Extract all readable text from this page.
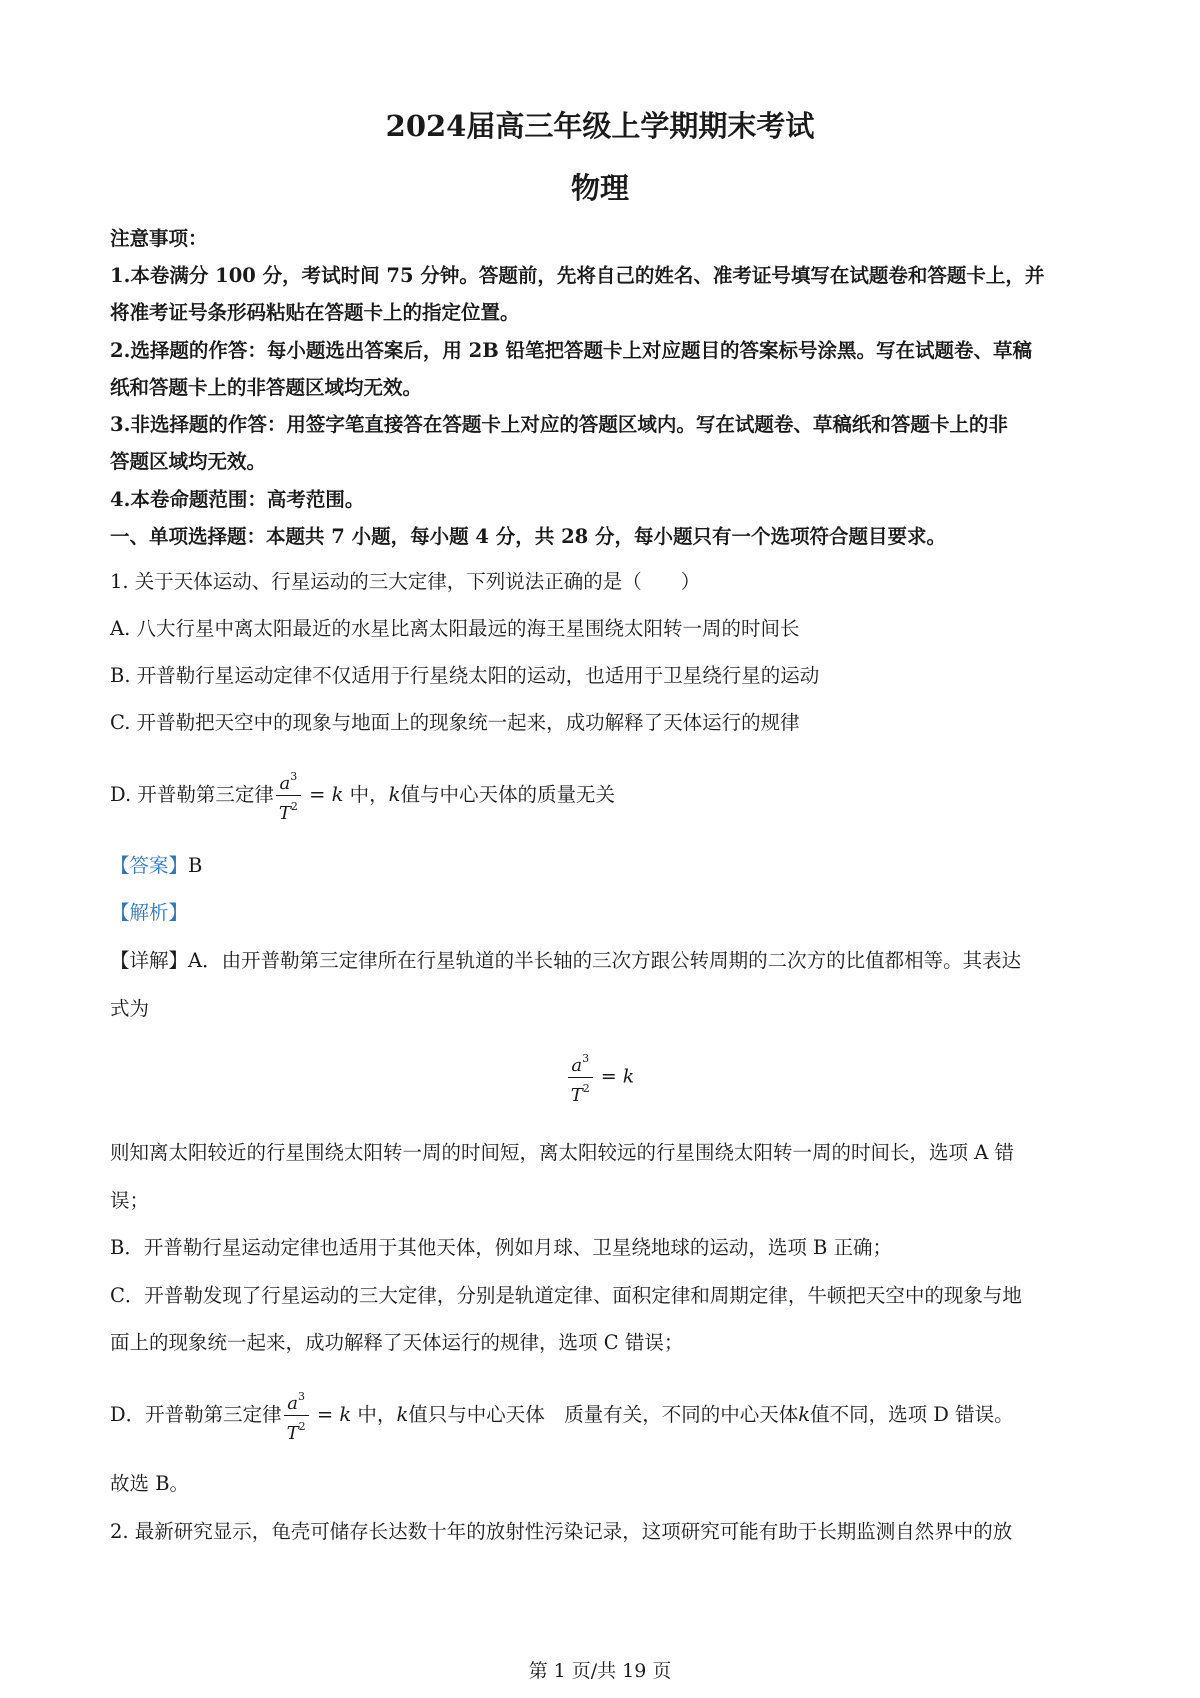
2024届高三年级上学期期末考试
物理
注意事项：
1.本卷满分 100 分，考试时间 75 分钟。答题前，先将自己的姓名、准考证号填写在试题卷和答题卡上，并
将准考证号条形码粘贴在答题卡上的指定位置。
2.选择题的作答：每小题选出答案后，用 2B 铅笔把答题卡上对应题目的答案标号涂黑。写在试题卷、草稿
纸和答题卡上的非答题区域均无效。
3.非选择题的作答：用签字笔直接答在答题卡上对应的答题区域内。写在试题卷、草稿纸和答题卡上的非
答题区域均无效。
4.本卷命题范围：高考范围。
一、单项选择题：本题共 7 小题，每小题 4 分，共 28 分，每小题只有一个选项符合题目要求。
1. 关于天体运动、行星运动的三大定律，下列说法正确的是（　　）
A. 八大行星中离太阳最近的水星比离太阳最远的海王星围绕太阳转一周的时间长
B. 开普勒行星运动定律不仅适用于行星绕太阳的运动，也适用于卫星绕行星的运动
C. 开普勒把天空中的现象与地面上的现象统一起来，成功解释了天体运行的规律
D. 开普勒第三定律 $\frac{a^3}{T^2} = k$ 中，k值与中心天体的质量无关
【答案】B
【解析】
【详解】A．由开普勒第三定律所在行星轨道的半长轴的三次方跟公转周期的二次方的比值都相等。其表达
式为
$\frac{a^3}{T^2} = k$
则知离太阳较近的行星围绕太阳转一周的时间短，离太阳较远的行星围绕太阳转一周的时间长，选项 A 错
误；
B．开普勒行星运动定律也适用于其他天体，例如月球、卫星绕地球的运动，选项 B 正确；
C．开普勒发现了行星运动的三大定律，分别是轨道定律、面积定律和周期定律，牛顿把天空中的现象与地
面上的现象统一起来，成功解释了天体运行的规律，选项 C 错误；
D．开普勒第三定律 $\frac{a^3}{T^2} = k$ 中，k值只与中心天体　质量有关，不同的中心天体k值不同，选项 D 错误。
故选 B。
2. 最新研究显示，龟壳可储存长达数十年的放射性污染记录，这项研究可能有助于长期监测自然界中的放
第 1 页/共 19 页
